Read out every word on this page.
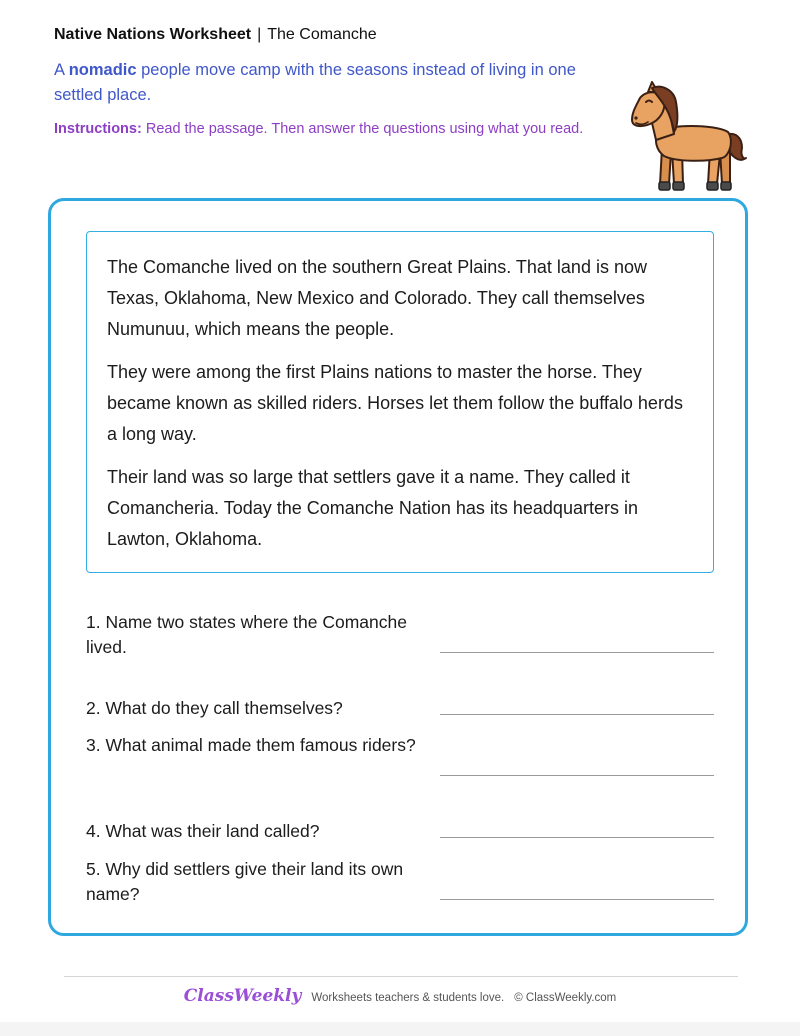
Native Nations Worksheet | The Comanche
A nomadic people move camp with the seasons instead of living in one settled place.
Instructions: Read the passage. Then answer the questions using what you read.

The Comanche lived on the southern Great Plains. That land is now Texas, Oklahoma, New Mexico and Colorado. They call themselves Numunuu, which means the people.

They were among the first Plains nations to master the horse. They became known as skilled riders. Horses let them follow the buffalo herds a long way.

Their land was so large that settlers gave it a name. They called it Comancheria. Today the Comanche Nation has its headquarters in Lawton, Oklahoma.

1. Name two states where the Comanche lived.
2. What do they call themselves?
3. What animal made them famous riders?
4. What was their land called?
5. Why did settlers give their land its own name?
ClassWeekly Worksheets teachers & students love. © ClassWeekly.com
